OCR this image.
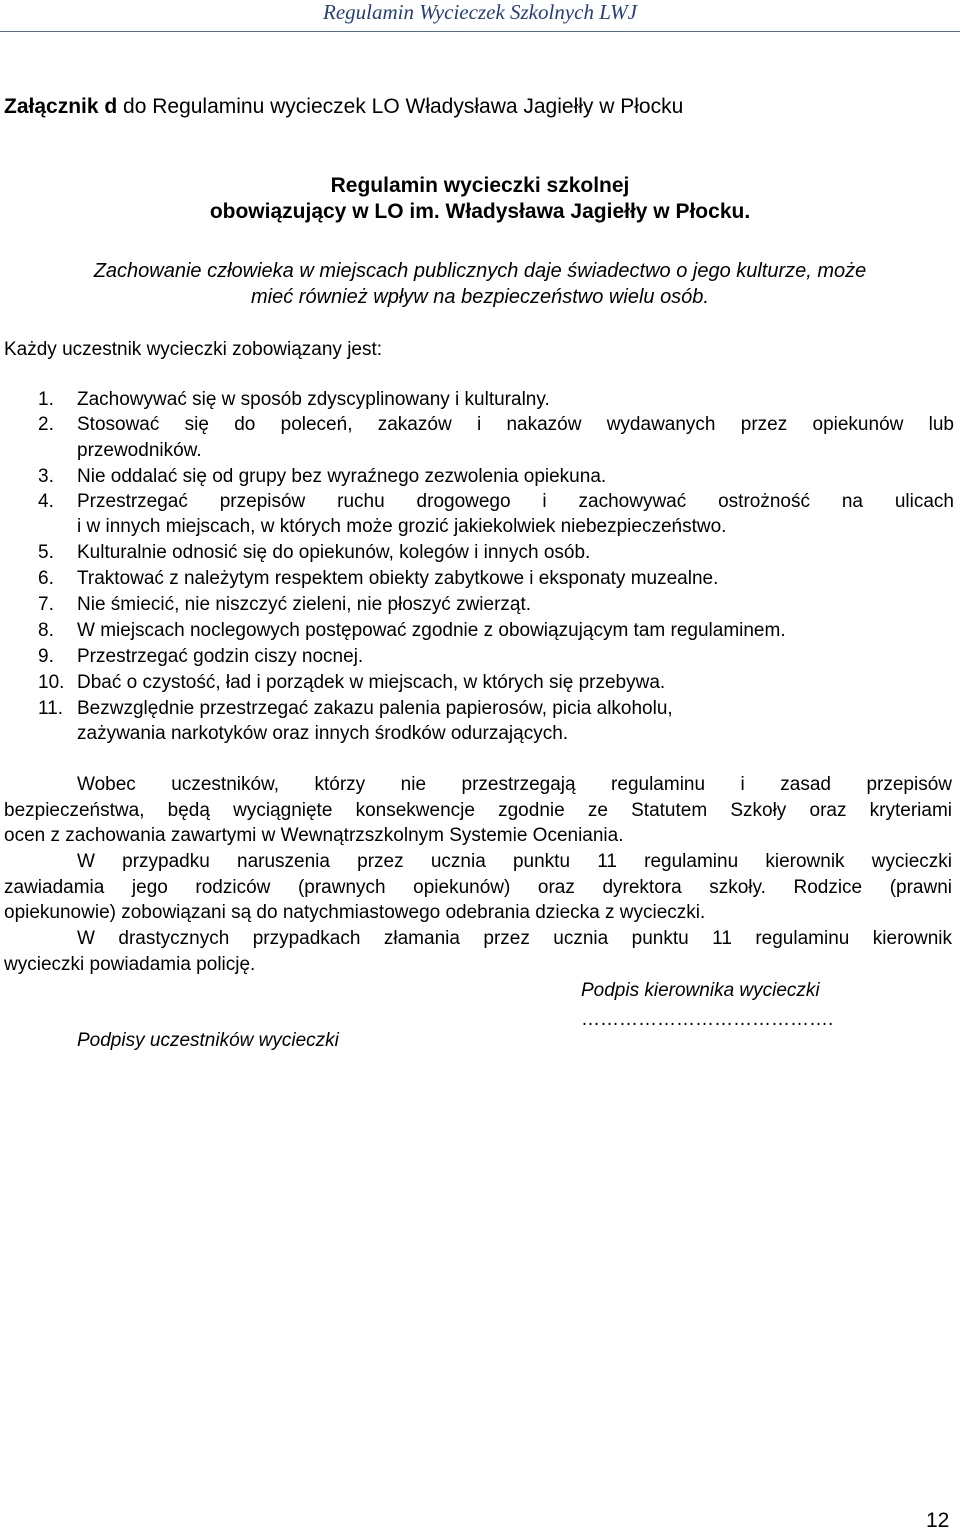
Regulamin Wycieczek Szkolnych LWJ
Załącznik d do Regulaminu wycieczek LO Władysława Jagiełły w Płocku
Regulamin wycieczki szkolnej
obowiązujący w LO im. Władysława Jagiełły w Płocku.
Zachowanie człowieka w miejscach publicznych daje świadectwo o jego kulturze, może
mieć również wpływ na bezpieczeństwo wielu osób.
Każdy uczestnik wycieczki zobowiązany jest:
1.	Zachowywać się w sposób zdyscyplinowany i kulturalny.
2.	Stosować się do poleceń, zakazów i nakazów wydawanych przez opiekunów lub
przewodników.
3.	Nie oddalać się od grupy bez wyraźnego zezwolenia opiekuna.
4.	Przestrzegać przepisów ruchu drogowego i zachowywać ostrożność na ulicach
i w innych miejscach, w których może grozić jakiekolwiek niebezpieczeństwo.
5.	Kulturalnie odnosić się do opiekunów, kolegów i innych osób.
6.	Traktować z należytym respektem obiekty zabytkowe i eksponaty muzealne.
7.	Nie śmiecić, nie niszczyć zieleni, nie płoszyć zwierząt.
8.	W miejscach noclegowych postępować zgodnie z obowiązującym tam regulaminem.
9.	Przestrzegać godzin ciszy nocnej.
10. Dbać o czystość, ład i porządek w miejscach, w których się przebywa.
11. Bezwzględnie przestrzegać zakazu palenia papierosów, picia alkoholu,
zażywania narkotyków oraz innych środków odurzających.
Wobec uczestników, którzy nie przestrzegają regulaminu i zasad przepisów
bezpieczeństwa, będą wyciągnięte konsekwencje zgodnie ze Statutem Szkoły oraz kryteriami
ocen z zachowania zawartymi w Wewnątrzszkolnym Systemie Oceniania.
W przypadku naruszenia przez ucznia punktu 11 regulaminu kierownik wycieczki
zawiadamia jego rodziców (prawnych opiekunów) oraz dyrektora szkoły. Rodzice (prawni
opiekunowie) zobowiązani są do natychmiastowego odebrania dziecka z wycieczki.
W drastycznych przypadkach złamania przez ucznia punktu 11 regulaminu kierownik
wycieczki powiadamia policję.
Podpis kierownika wycieczki
………………………………….
Podpisy uczestników wycieczki
12
